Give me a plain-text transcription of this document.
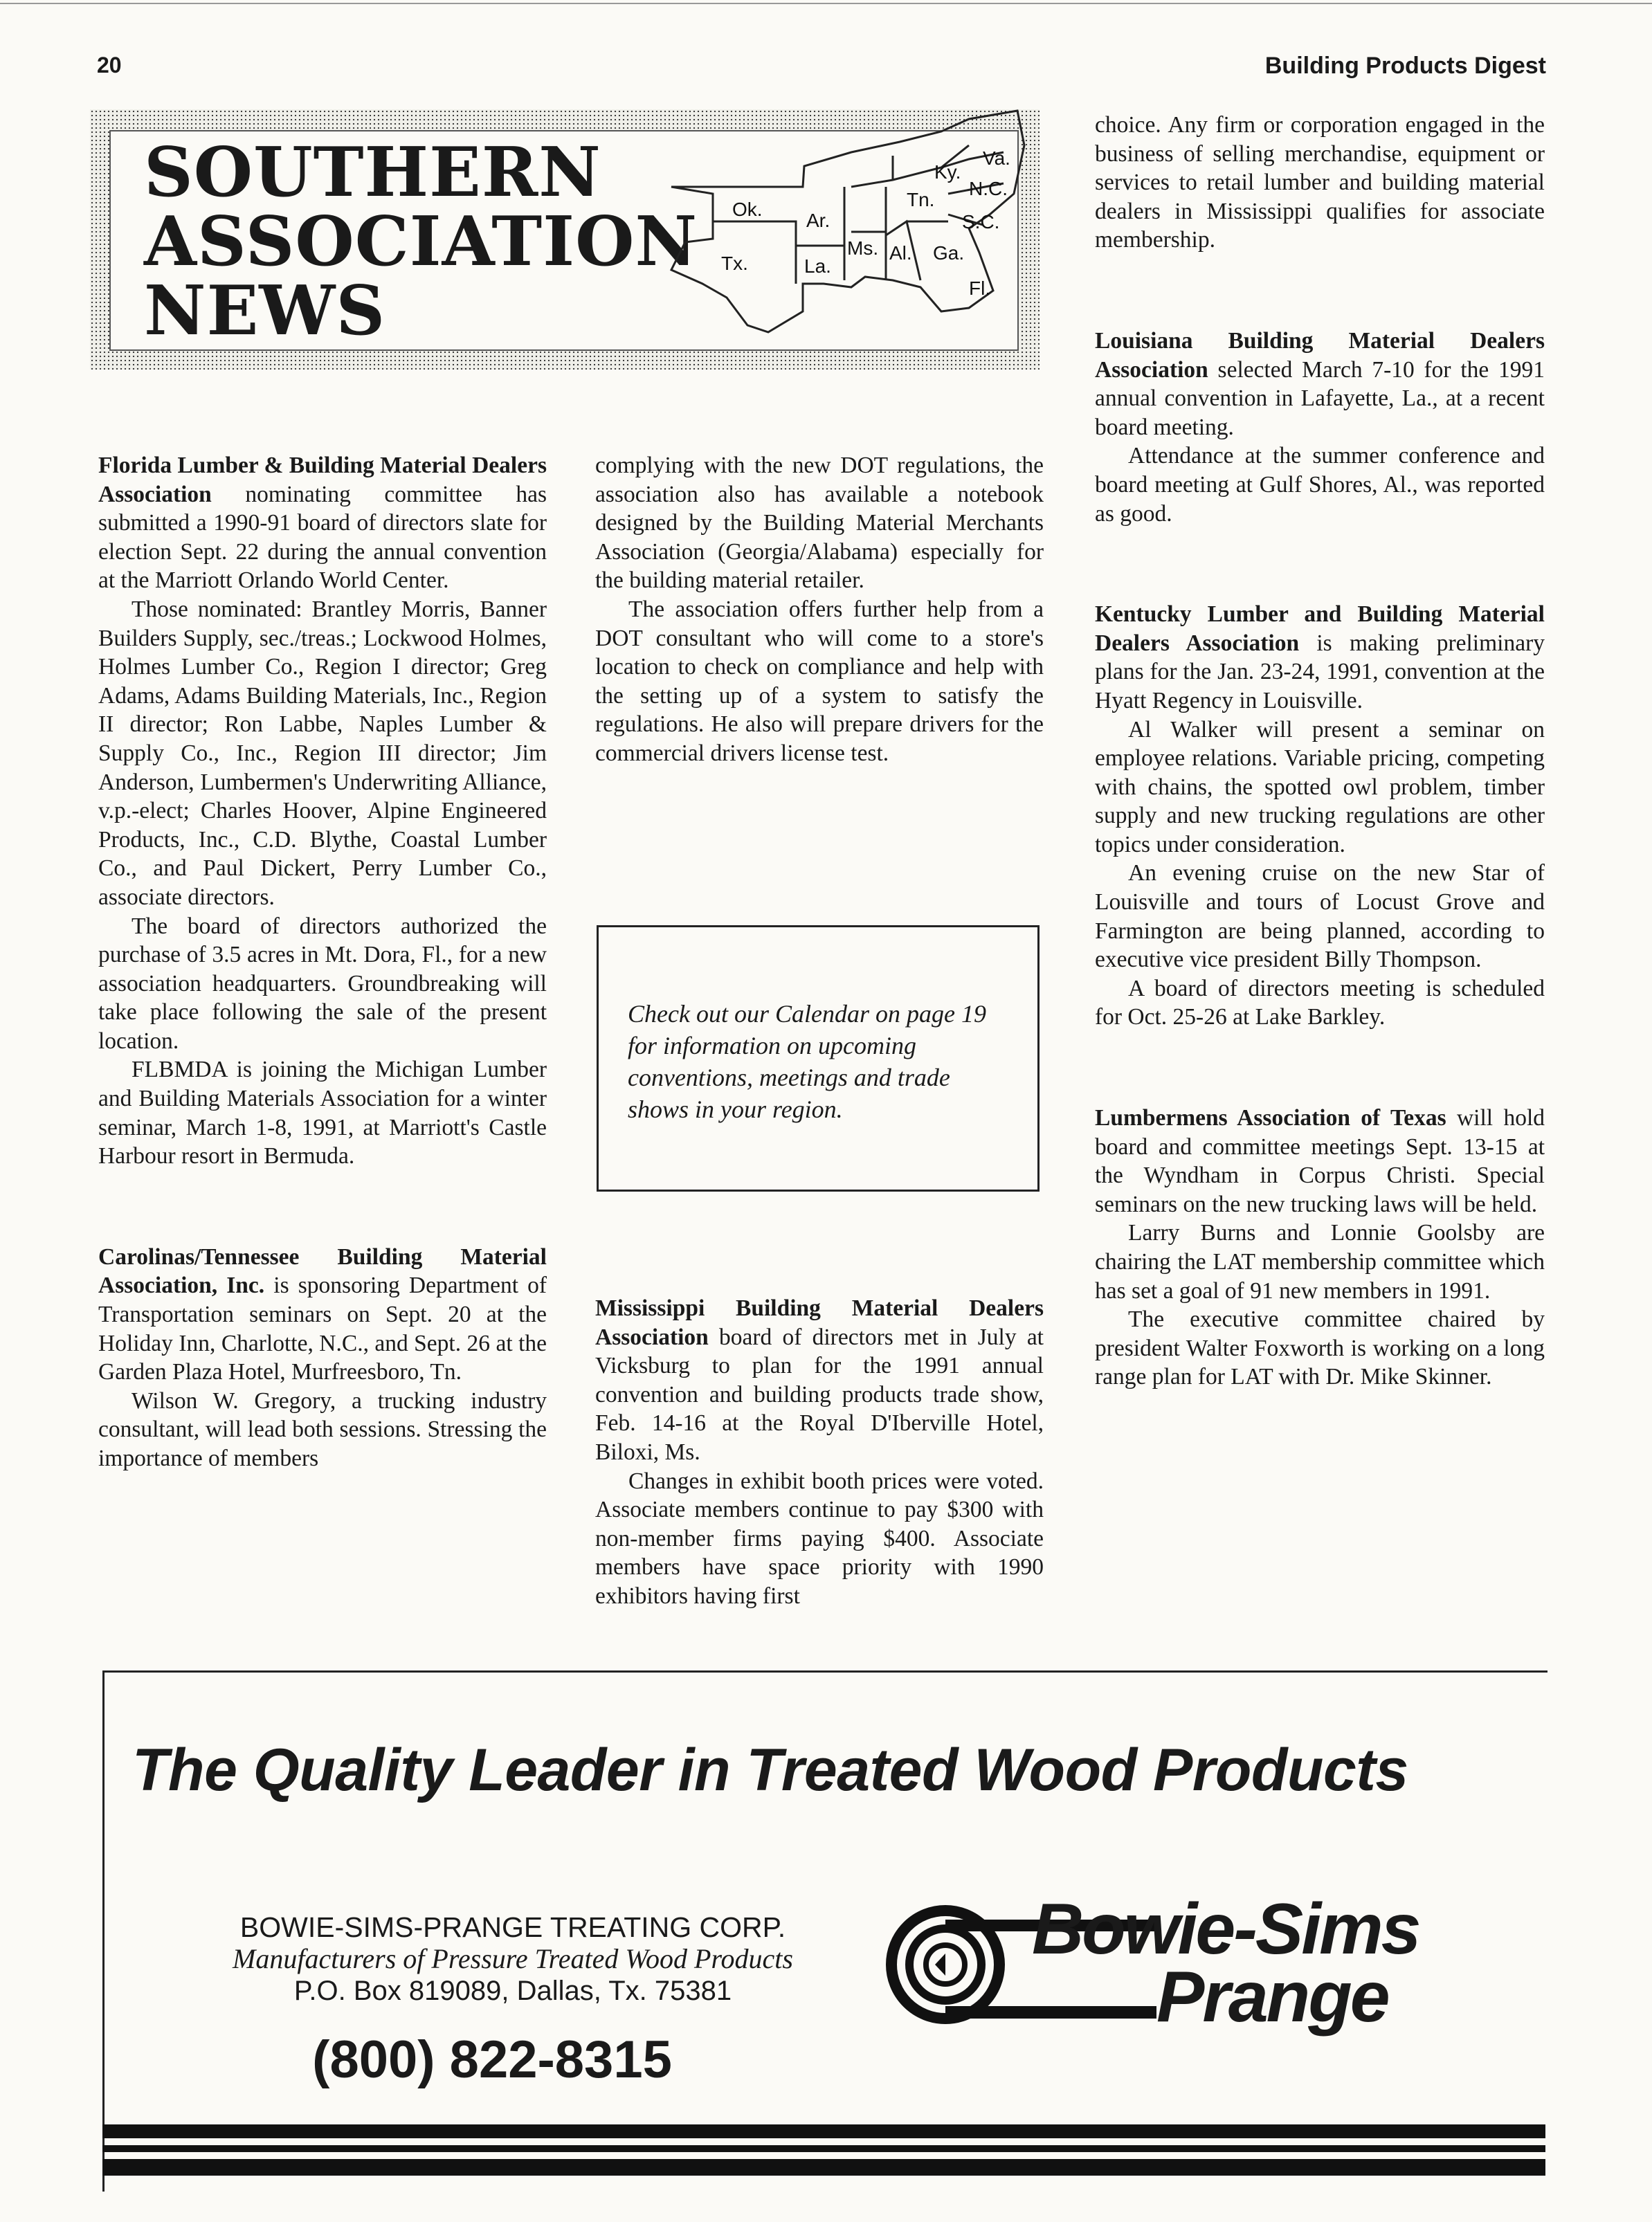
20	Building Products Digest
SOUTHERN
ASSOCIATION
NEWS
Ok.
Tx.
Ar.
La.
Ms. Al. Ga.
Tn.
Ky.
Va.
N.C.
S.C.
Fl.

Florida Lumber & Building Material Dealers Association nominating committee has submitted a 1990-91 board of directors slate for election Sept. 22 during the annual convention at the Marriott Orlando World Center.

Those nominated: Brantley Morris, Banner Builders Supply, sec./treas.; Lockwood Holmes, Holmes Lumber Co., Region I director; Greg Adams, Adams Building Materials, Inc., Region II director; Ron Labbe, Naples Lumber & Supply Co., Inc., Region III director; Jim Anderson, Lumbermen's Underwriting Alliance, v.p.-elect; Charles Hoover, Alpine Engineered Products, Inc., C.D. Blythe, Coastal Lumber Co., and Paul Dickert, Perry Lumber Co., associate directors.

The board of directors authorized the purchase of 3.5 acres in Mt. Dora, Fl., for a new association headquarters. Groundbreaking will take place following the sale of the present location.

FLBMDA is joining the Michigan Lumber and Building Materials Association for a winter seminar, March 1-8, 1991, at Marriott's Castle Harbour resort in Bermuda.

Carolinas/Tennessee Building Material Association, Inc. is sponsoring Department of Transportation seminars on Sept. 20 at the Holiday Inn, Charlotte, N.C., and Sept. 26 at the Garden Plaza Hotel, Murfreesboro, Tn.

Wilson W. Gregory, a trucking industry consultant, will lead both sessions. Stressing the importance of members

complying with the new DOT regulations, the association also has available a notebook designed by the Building Material Merchants Association (Georgia/Alabama) especially for the building material retailer.

The association offers further help from a DOT consultant who will come to a store's location to check on compliance and help with the setting up of a system to satisfy the regulations. He also will prepare drivers for the commercial drivers license test.

Check out our Calendar on page 19 for information on upcoming conventions, meetings and trade shows in your region.

Mississippi Building Material Dealers Association board of directors met in July at Vicksburg to plan for the 1991 annual convention and building products trade show, Feb. 14-16 at the Royal D'Iberville Hotel, Biloxi, Ms.

Changes in exhibit booth prices were voted. Associate members continue to pay $300 with non-member firms paying $400. Associate members have space priority with 1990 exhibitors having first

choice. Any firm or corporation engaged in the business of selling merchandise, equipment or services to retail lumber and building material dealers in Mississippi qualifies for associate membership.

Louisiana Building Material Dealers Association selected March 7-10 for the 1991 annual convention in Lafayette, La., at a recent board meeting.

Attendance at the summer conference and board meeting at Gulf Shores, Al., was reported as good.

Kentucky Lumber and Building Material Dealers Association is making preliminary plans for the Jan. 23-24, 1991, convention at the Hyatt Regency in Louisville.

Al Walker will present a seminar on employee relations. Variable pricing, competing with chains, the spotted owl problem, timber supply and new trucking regulations are other topics under consideration.

An evening cruise on the new Star of Louisville and tours of Locust Grove and Farmington are being planned, according to executive vice president Billy Thompson.

A board of directors meeting is scheduled for Oct. 25-26 at Lake Barkley.

Lumbermens Association of Texas will hold board and committee meetings Sept. 13-15 at the Wyndham in Corpus Christi. Special seminars on the new trucking laws will be held.

Larry Burns and Lonnie Goolsby are chairing the LAT membership committee which has set a goal of 91 new members in 1991.

The executive committee chaired by president Walter Foxworth is working on a long range plan for LAT with Dr. Mike Skinner.

The Quality Leader in Treated Wood Products
BOWIE-SIMS-PRANGE TREATING CORP.
Manufacturers of Pressure Treated Wood Products
P.O. Box 819089, Dallas, Tx. 75381
(800) 822-8315
Bowie-Sims
Prange
